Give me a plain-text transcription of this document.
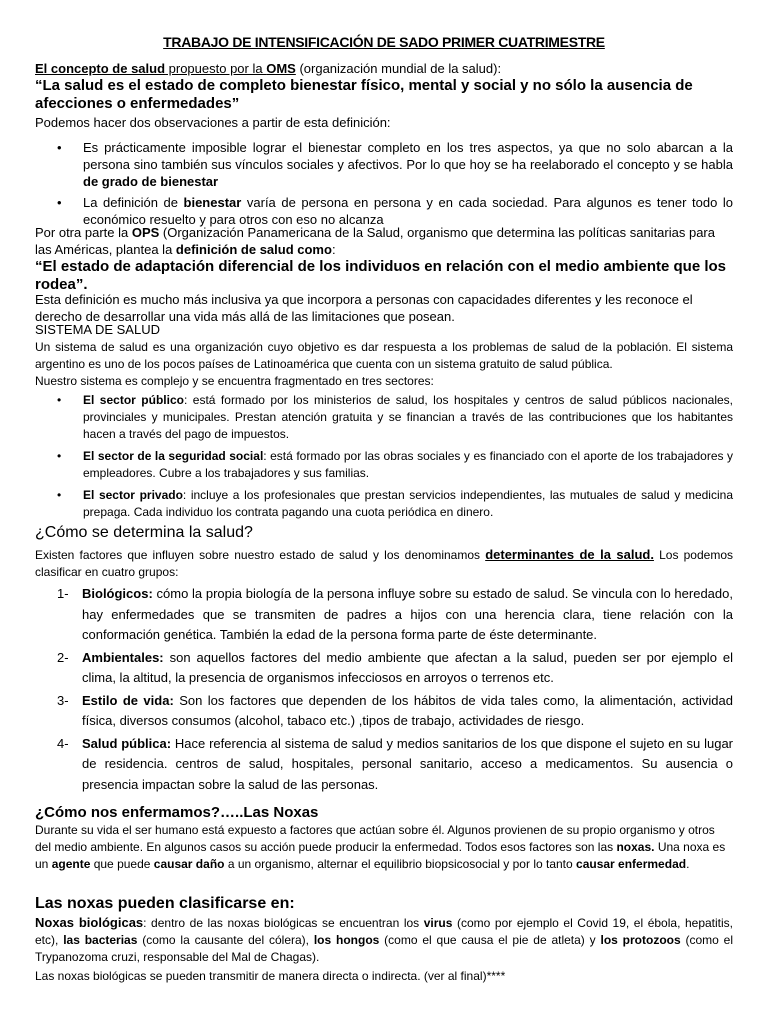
TRABAJO DE INTENSIFICACIÓN DE SADO PRIMER CUATRIMESTRE
El concepto de salud propuesto por la OMS (organización mundial de la salud):
“La salud es el estado de completo bienestar físico, mental y social y no sólo la ausencia de afecciones o enfermedades”
Podemos hacer dos observaciones a partir de esta definición:
• Es prácticamente imposible lograr el bienestar completo en los tres aspectos, ya que no solo abarcan a la persona sino también sus vínculos sociales y afectivos. Por lo que hoy se ha reelaborado el concepto y se habla de grado de bienestar
• La definición de bienestar varía de persona en persona y en cada sociedad. Para algunos es tener todo lo económico resuelto y para otros con eso no alcanza
Por otra parte la OPS (Organización Panamericana de la Salud, organismo que determina las políticas sanitarias para las Américas, plantea la definición de salud como:
“El estado de adaptación diferencial de los individuos en relación con el medio ambiente que los rodea”.
Esta definición es mucho más inclusiva ya que incorpora a personas con capacidades diferentes y les reconoce el derecho de desarrollar una vida más allá de las limitaciones que posean.
SISTEMA DE SALUD
Un sistema de salud es una organización cuyo objetivo es dar respuesta a los problemas de salud de la población. El sistema argentino es uno de los pocos países de Latinoamérica que cuenta con un sistema gratuito de salud pública.
Nuestro sistema es complejo y se encuentra fragmentado en tres sectores:
• El sector público: está formado por los ministerios de salud, los hospitales y centros de salud públicos nacionales, provinciales y municipales. Prestan atención gratuita y se financian a través de las contribuciones que los habitantes hacen a través del pago de impuestos.
• El sector de la seguridad social: está formado por las obras sociales y es financiado con el aporte de los trabajadores y empleadores. Cubre a los trabajadores y sus familias.
• El sector privado: incluye a los profesionales que prestan servicios independientes, las mutuales de salud y medicina prepaga. Cada individuo los contrata pagando una cuota periódica en dinero.
¿Cómo se determina la salud?
Existen factores que influyen sobre nuestro estado de salud y los denominamos determinantes de la salud. Los podemos clasificar en cuatro grupos:
1- Biológicos: cómo la propia biología de la persona influye sobre su estado de salud. Se vincula con lo heredado, hay enfermedades que se transmiten de padres a hijos con una herencia clara, tiene relación con la conformación genética. También la edad de la persona forma parte de éste determinante.
2- Ambientales: son aquellos factores del medio ambiente que afectan a la salud, pueden ser por ejemplo el clima, la altitud, la presencia de organismos infecciosos en arroyos o terrenos etc.
3- Estilo de vida: Son los factores que dependen de los hábitos de vida tales como, la alimentación, actividad física, diversos consumos (alcohol, tabaco etc.) ,tipos de trabajo, actividades de riesgo.
4- Salud pública: Hace referencia al sistema de salud y medios sanitarios de los que dispone el sujeto en su lugar de residencia. centros de salud, hospitales, personal sanitario, acceso a medicamentos. Su ausencia o presencia impactan sobre la salud de las personas.
¿Cómo nos enfermamos?…..Las Noxas
Durante su vida el ser humano está expuesto a factores que actúan sobre él. Algunos provienen de su propio organismo y otros del medio ambiente. En algunos casos su acción puede producir la enfermedad. Todos esos factores son las noxas. Una noxa es un agente que puede causar daño a un organismo, alternar el equilibrio biopsicosocial y por lo tanto causar enfermedad.
Las noxas pueden clasificarse en:
Noxas biológicas: dentro de las noxas biológicas se encuentran los virus (como por ejemplo el Covid 19, el ébola, hepatitis, etc), las bacterias (como la causante del cólera), los hongos (como el que causa el pie de atleta) y los protozoos (como el Trypanozoma cruzi, responsable del Mal de Chagas).
Las noxas biológicas se pueden transmitir de manera directa o indirecta. (ver al final)****
